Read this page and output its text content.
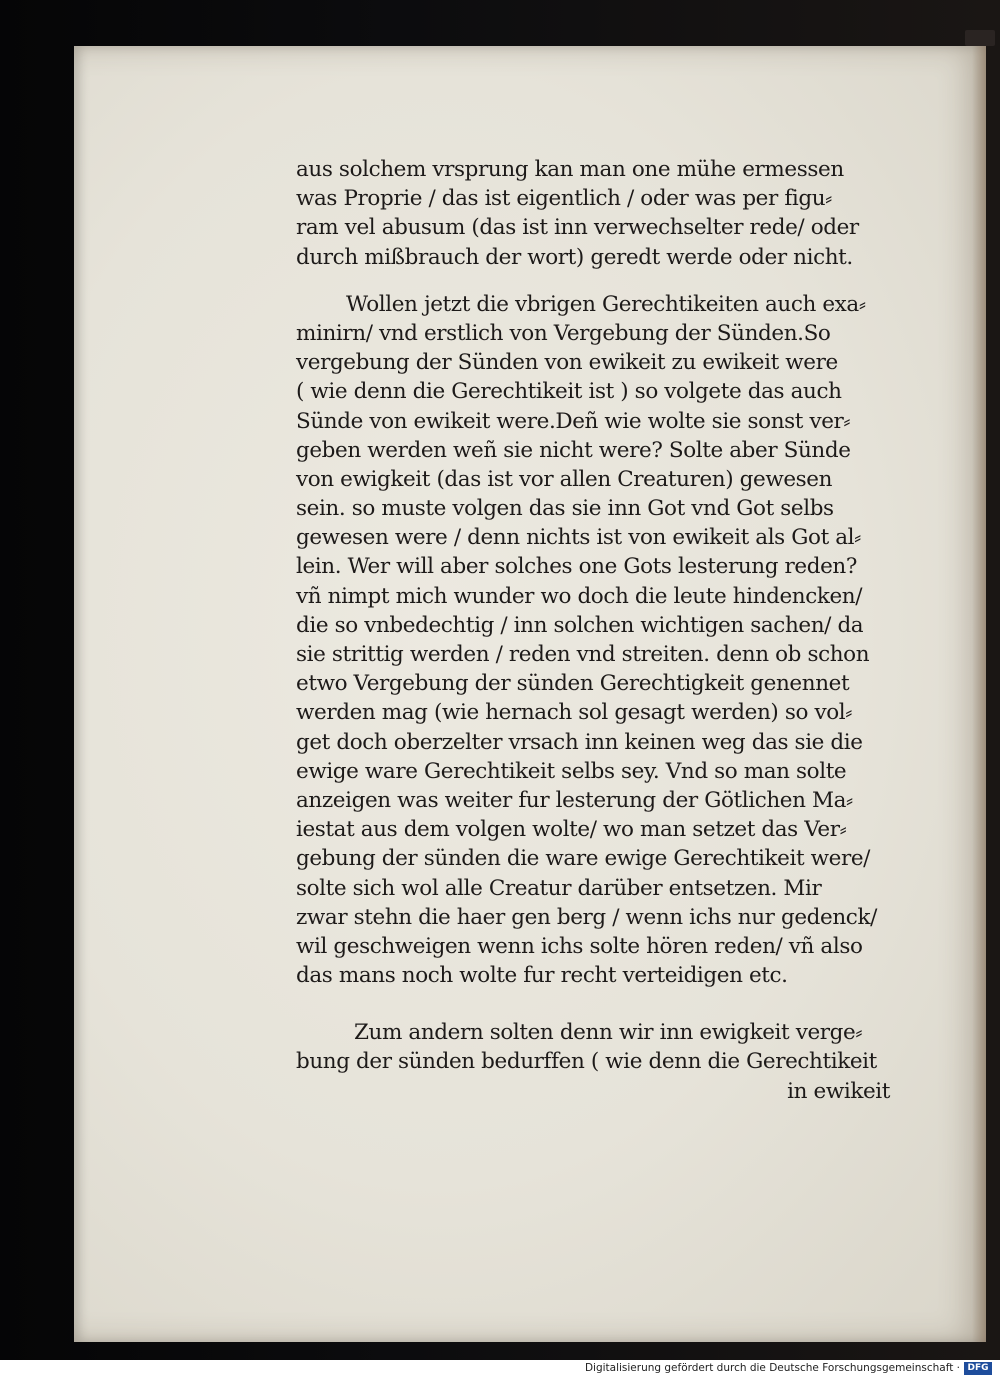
aus solchem vrsprung kan man one mühe ermessen
was Proprie / das ist eigentlich / oder was per figu⸗
ram vel abusum (das ist inn verwechselter rede/ oder
durch mißbrauch der wort) geredt werde oder nicht.
Wollen jetzt die vbrigen Gerechtikeiten auch exa⸗
minirn/ vnd erstlich von Vergebung der Sünden.So
vergebung der Sünden von ewikeit zu ewikeit were
( wie denn die Gerechtikeit ist ) so volgete das auch
Sünde von ewikeit were.Deñ wie wolte sie sonst ver⸗
geben werden weñ sie nicht were? Solte aber Sünde
von ewigkeit (das ist vor allen Creaturen) gewesen
sein. so muste volgen das sie inn Got vnd Got selbs
gewesen were / denn nichts ist von ewikeit als Got al⸗
lein. Wer will aber solches one Gots lesterung reden?
vñ nimpt mich wunder wo doch die leute hindencken/
die so vnbedechtig / inn solchen wichtigen sachen/ da
sie strittig werden / reden vnd streiten. denn ob schon
etwo Vergebung der sünden Gerechtigkeit genennet
werden mag (wie hernach sol gesagt werden) so vol⸗
get doch oberzelter vrsach inn keinen weg das sie die
ewige ware Gerechtikeit selbs sey. Vnd so man solte
anzeigen was weiter fur lesterung der Götlichen Ma⸗
iestat aus dem volgen wolte/ wo man setzet das Ver⸗
gebung der sünden die ware ewige Gerechtikeit were/
solte sich wol alle Creatur darüber entsetzen. Mir
zwar stehn die haer gen berg / wenn ichs nur gedenck/
wil geschweigen wenn ichs solte hören reden/ vñ also
das mans noch wolte fur recht verteidigen etc.
Zum andern solten denn wir inn ewigkeit verge⸗
bung der sünden bedurffen ( wie denn die Gerechtikeit
in ewikeit
Digitalisierung gefördert durch die Deutsche Forschungsgemeinschaft · DFG
